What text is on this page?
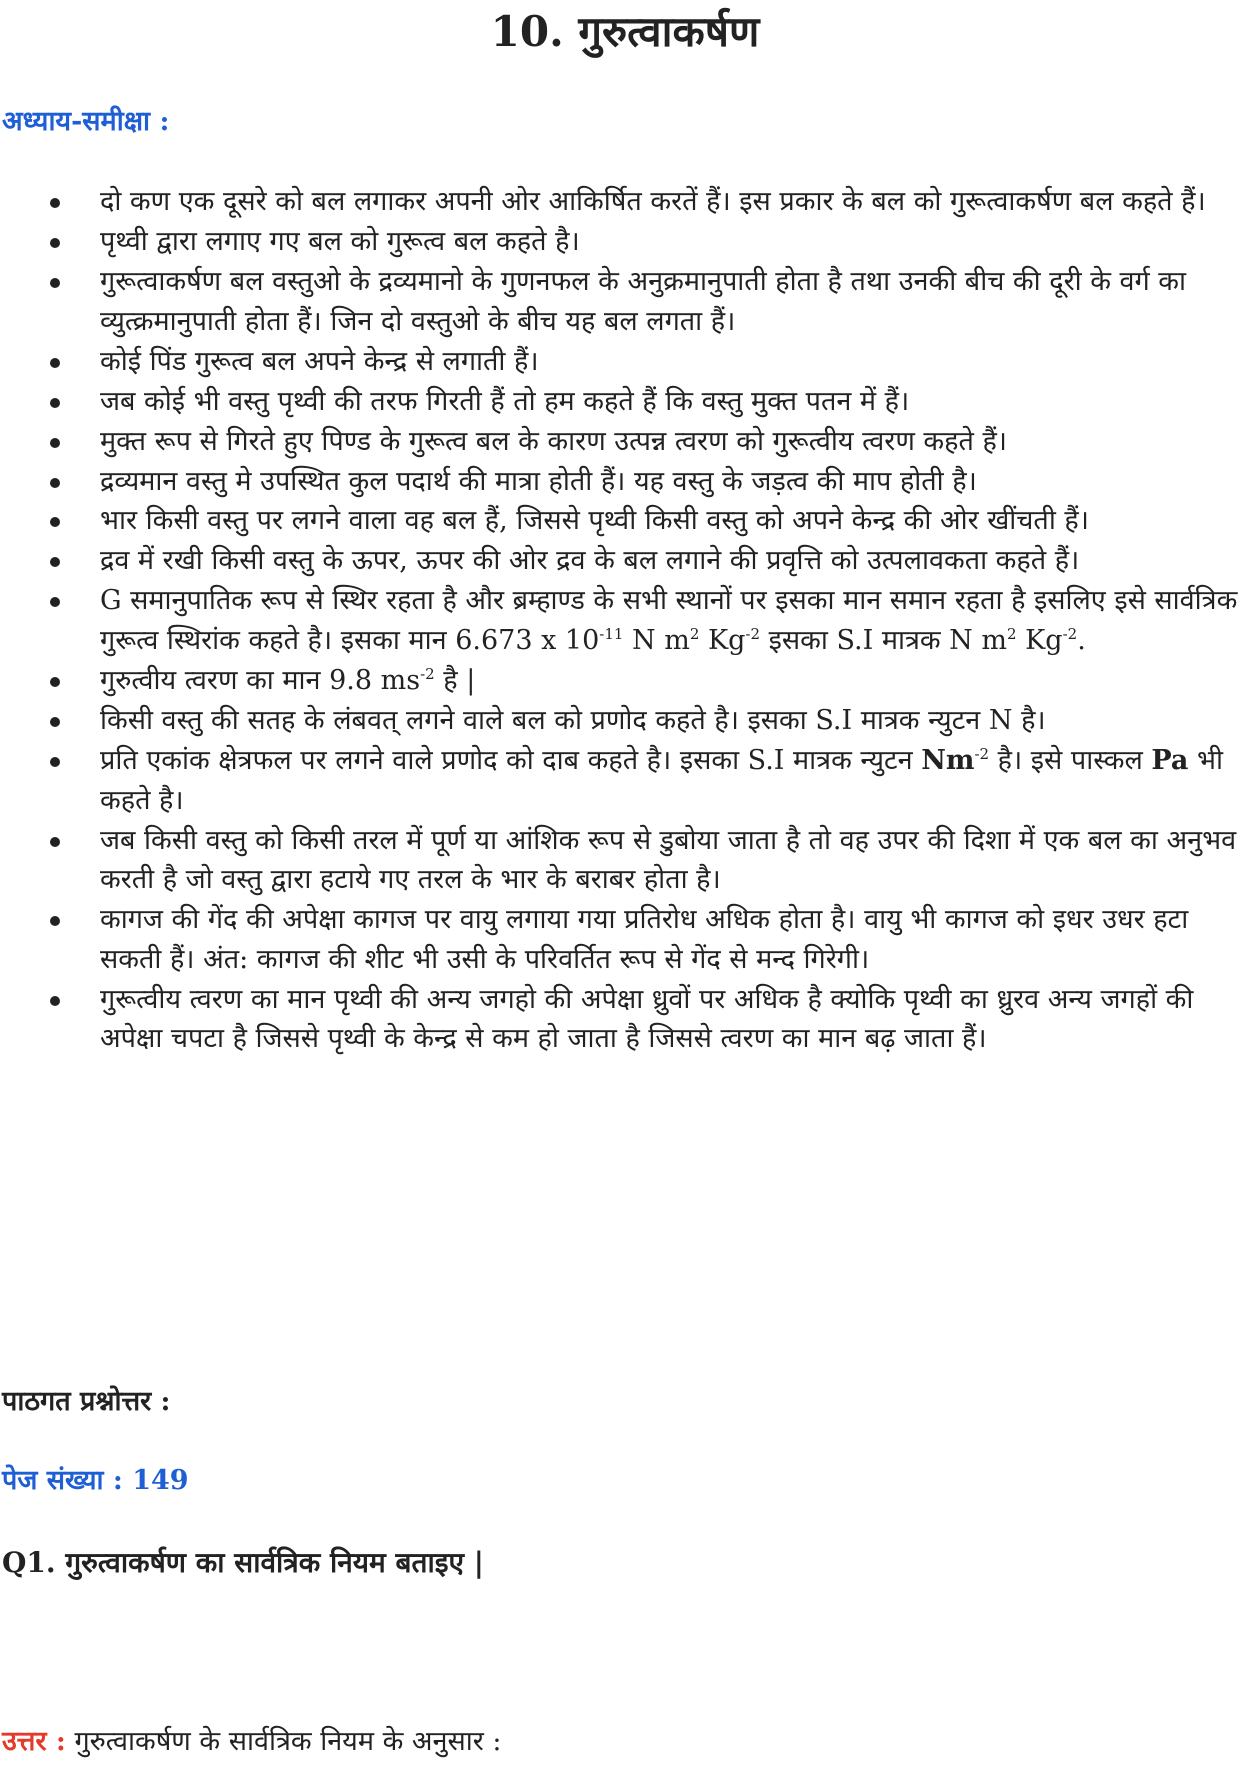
10. गुरुत्वाकर्षण
अध्याय-समीक्षा :
दो कण एक दूसरे को बल लगाकर अपनी ओर आकिर्षित करतें हैं। इस प्रकार के बल को गुरूत्वाकर्षण बल कहते हैं।
पृथ्वी द्वारा लगाए गए बल को गुरूत्व बल कहते है।
गुरूत्वाकर्षण बल वस्तुओ के द्रव्यमानो के गुणनफल के अनुक्रमानुपाती होता है तथा उनकी बीच की दूरी के वर्ग का व्युत्क्रमानुपाती होता हैं। जिन दो वस्तुओ के बीच यह बल लगता हैं।
कोई पिंड गुरूत्व बल अपने केन्द्र से लगाती हैं।
जब कोई भी वस्तु पृथ्वी की तरफ गिरती हैं तो हम कहते हैं कि वस्तु मुक्त पतन में हैं।
मुक्त रूप से गिरते हुए पिण्ड के गुरूत्व बल के कारण उत्पन्न त्वरण को गुरूत्वीय त्वरण कहते हैं।
द्रव्यमान वस्तु मे उपस्थित कुल पदार्थ की मात्रा होती हैं। यह वस्तु के जड़त्व की माप होती है।
भार किसी वस्तु पर लगने वाला वह बल हैं, जिससे पृथ्वी किसी वस्तु को अपने केन्द्र की ओर खींचती हैं।
द्रव में रखी किसी वस्तु के ऊपर, ऊपर की ओर द्रव के बल लगाने की प्रवृत्ति को उत्पलावकता कहते हैं।
G समानुपातिक रूप से स्थिर रहता है और ब्रम्हाण्ड के सभी स्थानों पर इसका मान समान रहता है इसलिए इसे सार्वत्रिक गुरूत्व स्थिरांक कहते है। इसका मान 6.673 x $10^{-11}$ N $m^2$ $Kg^{-2}$ इसका S.I मात्रक N $m^2$ $Kg^{-2}$.
गुरुत्वीय त्वरण का मान 9.8 $ms^{-2}$ है |
किसी वस्तु की सतह के लंबवत् लगने वाले बल को प्रणोद कहते है। इसका S.I मात्रक न्युटन N है।
प्रति एकांक क्षेत्रफल पर लगने वाले प्रणोद को दाब कहते है। इसका S.I मात्रक न्युटन $Nm^{-2}$ है। इसे पास्कल Pa भी कहते है।
जब किसी वस्तु को किसी तरल में पूर्ण या आंशिक रूप से डुबोया जाता है तो वह उपर की दिशा में एक बल का अनुभव करती है जो वस्तु द्वारा हटाये गए तरल के भार के बराबर होता है।
कागज की गेंद की अपेक्षा कागज पर वायु लगाया गया प्रतिरोध अधिक होता है। वायु भी कागज को इधर उधर हटा सकती हैं। अंत: कागज की शीट भी उसी के परिवर्तित रूप से गेंद से मन्द गिरेगी।
गुरूत्वीय त्वरण का मान पृथ्वी की अन्य जगहो की अपेक्षा ध्रुवों पर अधिक है क्योकि पृथ्वी का ध्रुरव अन्य जगहों की अपेक्षा चपटा है जिससे पृथ्वी के केन्द्र से कम हो जाता है जिससे त्वरण का मान बढ़ जाता हैं।
पाठगत प्रश्नोत्तर :
पेज संख्या : 149

Q1. गुरुत्वाकर्षण का सार्वत्रिक नियम बताइए |

उत्तर : गुरुत्वाकर्षण के सार्वत्रिक नियम के अनुसार :
